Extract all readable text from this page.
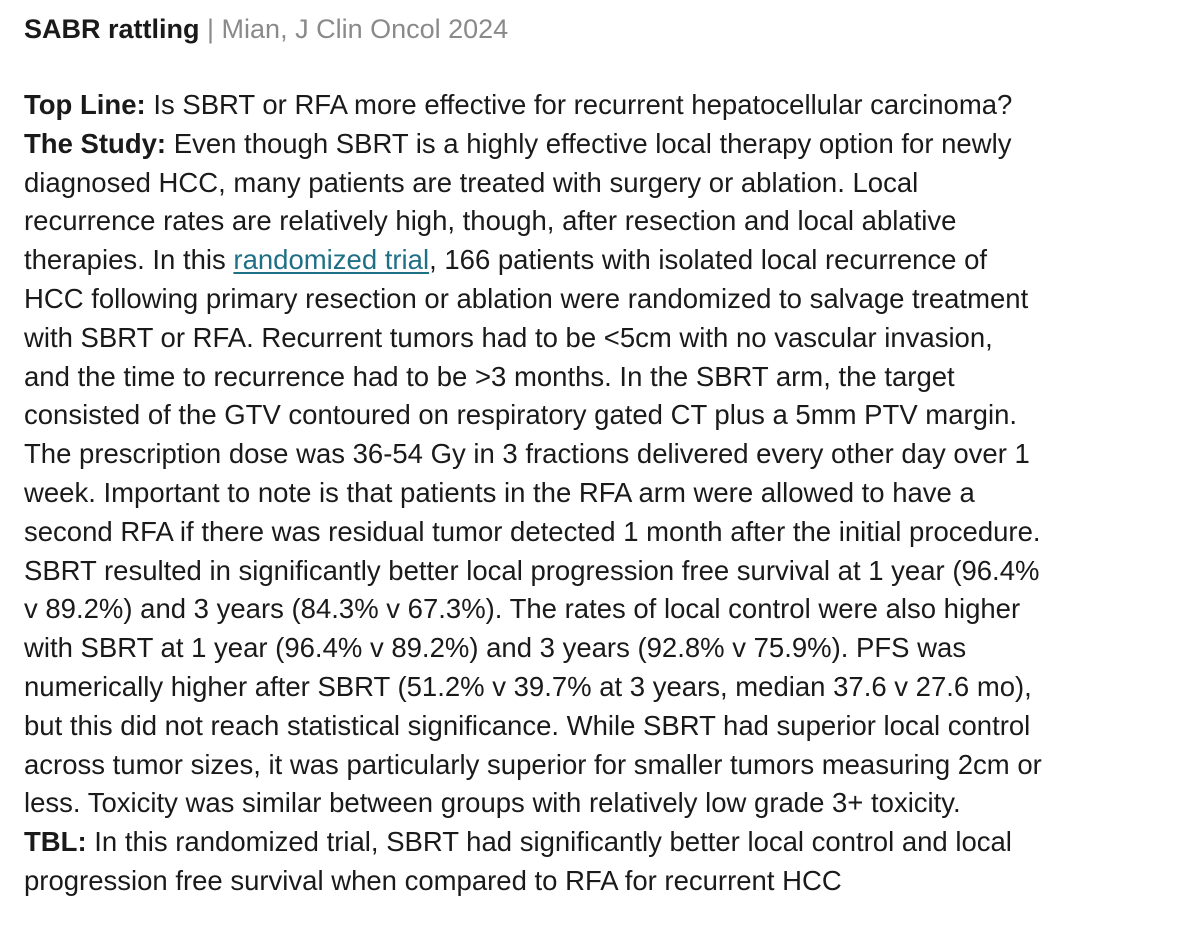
SABR rattling | Mian, J Clin Oncol 2024
Top Line: Is SBRT or RFA more effective for recurrent hepatocellular carcinoma?
The Study: Even though SBRT is a highly effective local therapy option for newly
diagnosed HCC, many patients are treated with surgery or ablation. Local
recurrence rates are relatively high, though, after resection and local ablative
therapies. In this randomized trial, 166 patients with isolated local recurrence of
HCC following primary resection or ablation were randomized to salvage treatment
with SBRT or RFA. Recurrent tumors had to be <5cm with no vascular invasion,
and the time to recurrence had to be >3 months. In the SBRT arm, the target
consisted of the GTV contoured on respiratory gated CT plus a 5mm PTV margin.
The prescription dose was 36-54 Gy in 3 fractions delivered every other day over 1
week. Important to note is that patients in the RFA arm were allowed to have a
second RFA if there was residual tumor detected 1 month after the initial procedure.
SBRT resulted in significantly better local progression free survival at 1 year (96.4%
v 89.2%) and 3 years (84.3% v 67.3%). The rates of local control were also higher
with SBRT at 1 year (96.4% v 89.2%) and 3 years (92.8% v 75.9%). PFS was
numerically higher after SBRT (51.2% v 39.7% at 3 years, median 37.6 v 27.6 mo),
but this did not reach statistical significance. While SBRT had superior local control
across tumor sizes, it was particularly superior for smaller tumors measuring 2cm or
less. Toxicity was similar between groups with relatively low grade 3+ toxicity.
TBL: In this randomized trial, SBRT had significantly better local control and local
progression free survival when compared to RFA for recurrent HCC
